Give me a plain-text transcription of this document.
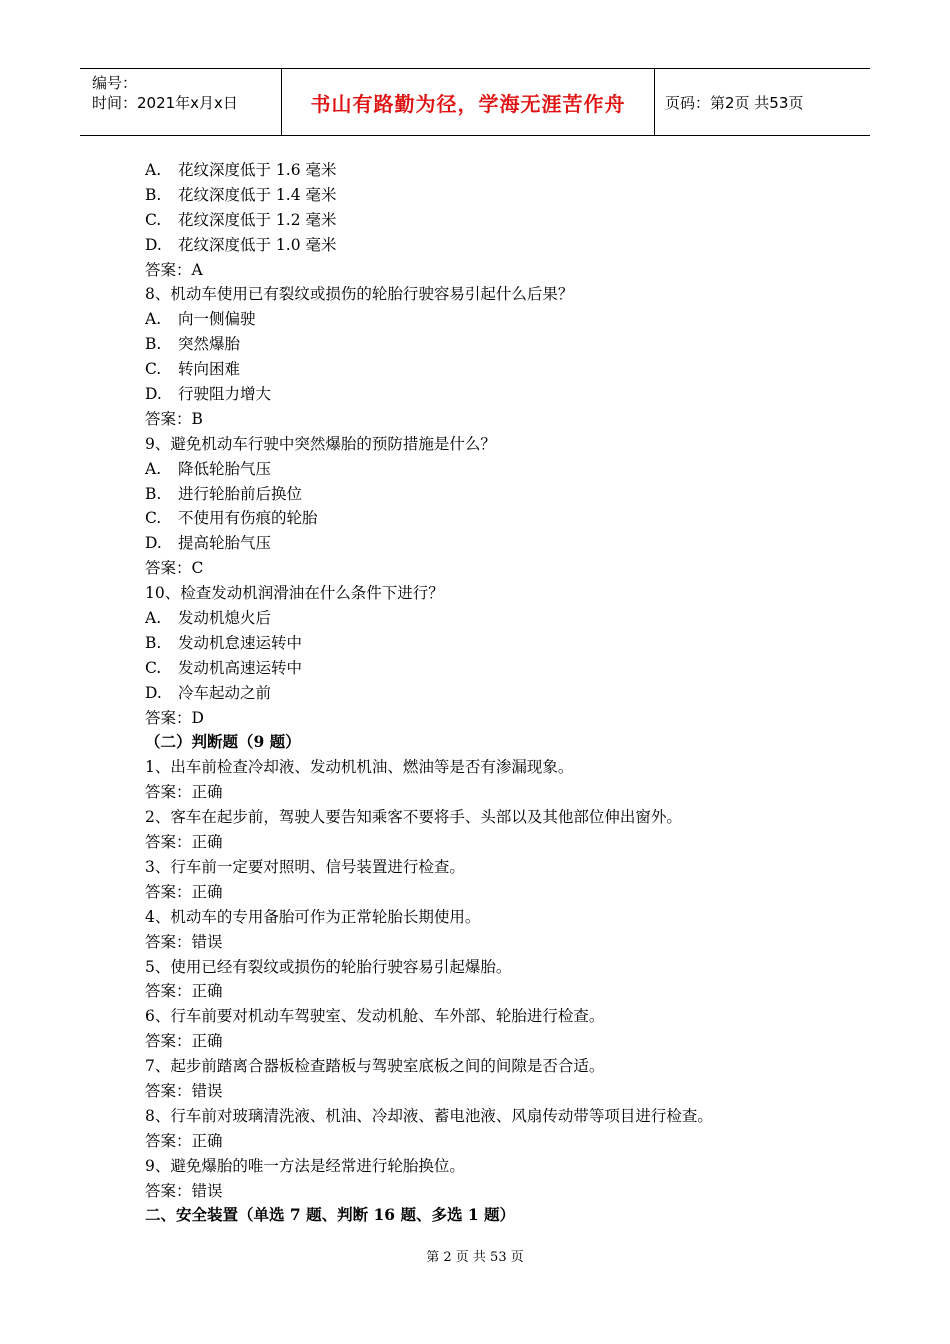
编号：
时间：2021年x月x日	书山有路勤为径，学海无涯苦作舟	页码：第2页 共53页
A. 花纹深度低于 1.6 毫米
B. 花纹深度低于 1.4 毫米
C. 花纹深度低于 1.2 毫米
D. 花纹深度低于 1.0 毫米
答案：A
8、机动车使用已有裂纹或损伤的轮胎行驶容易引起什么后果？
A. 向一侧偏驶
B. 突然爆胎
C. 转向困难
D. 行驶阻力增大
答案：B
9、避免机动车行驶中突然爆胎的预防措施是什么？
A. 降低轮胎气压
B. 进行轮胎前后换位
C. 不使用有伤痕的轮胎
D. 提高轮胎气压
答案：C
10、检查发动机润滑油在什么条件下进行？
A. 发动机熄火后
B. 发动机怠速运转中
C. 发动机高速运转中
D. 冷车起动之前
答案：D
（二）判断题（9 题）
1、出车前检查冷却液、发动机机油、燃油等是否有渗漏现象。
答案：正确
2、客车在起步前，驾驶人要告知乘客不要将手、头部以及其他部位伸出窗外。
答案：正确
3、行车前一定要对照明、信号装置进行检查。
答案：正确
4、机动车的专用备胎可作为正常轮胎长期使用。
答案：错误
5、使用已经有裂纹或损伤的轮胎行驶容易引起爆胎。
答案：正确
6、行车前要对机动车驾驶室、发动机舱、车外部、轮胎进行检查。
答案：正确
7、起步前踏离合器板检查踏板与驾驶室底板之间的间隙是否合适。
答案：错误
8、行车前对玻璃清洗液、机油、冷却液、蓄电池液、风扇传动带等项目进行检查。
答案：正确
9、避免爆胎的唯一方法是经常进行轮胎换位。
答案：错误
二、安全装置（单选 7 题、判断 16 题、多选 1 题）
第 2 页 共 53 页
